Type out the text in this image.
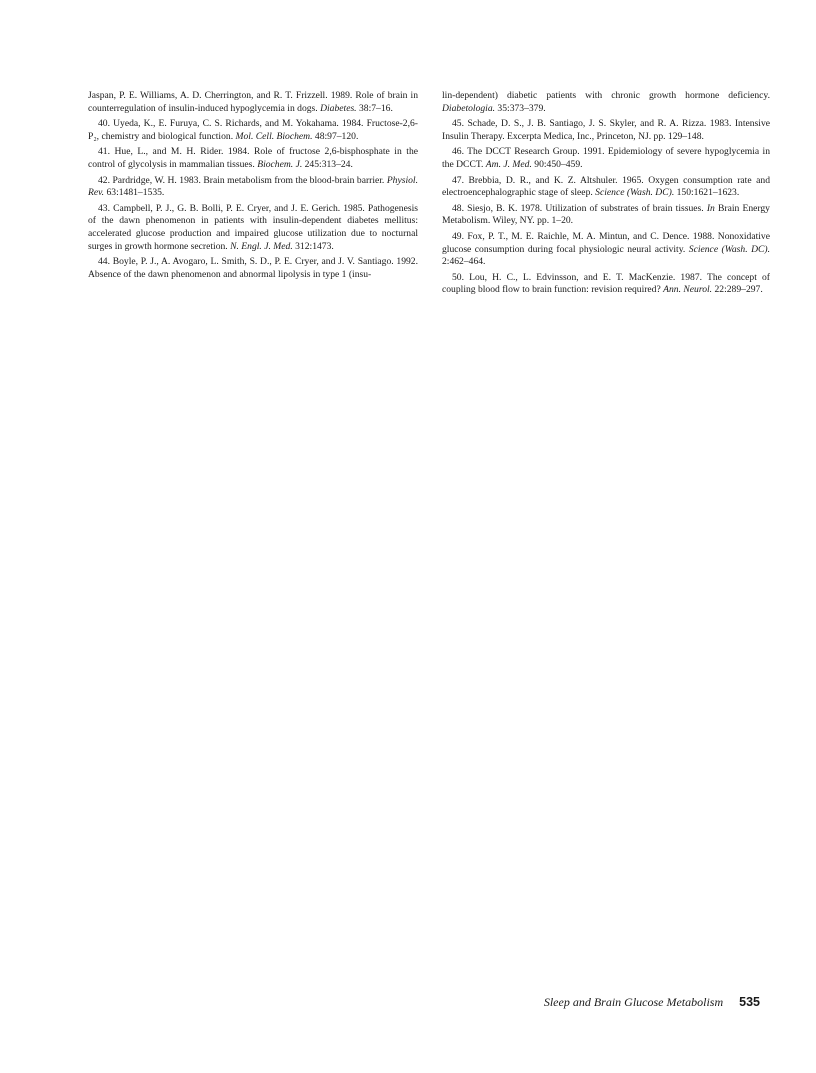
Jaspan, P. E. Williams, A. D. Cherrington, and R. T. Frizzell. 1989. Role of brain in counterregulation of insulin-induced hypoglycemia in dogs. Diabetes. 38:7–16.

40. Uyeda, K., E. Furuya, C. S. Richards, and M. Yokahama. 1984. Fructose-2,6-P₂, chemistry and biological function. Mol. Cell. Biochem. 48:97–120.

41. Hue, L., and M. H. Rider. 1984. Role of fructose 2,6-bisphosphate in the control of glycolysis in mammalian tissues. Biochem. J. 245:313–24.

42. Pardridge, W. H. 1983. Brain metabolism from the blood-brain barrier. Physiol. Rev. 63:1481–1535.

43. Campbell, P. J., G. B. Bolli, P. E. Cryer, and J. E. Gerich. 1985. Pathogenesis of the dawn phenomenon in patients with insulin-dependent diabetes mellitus: accelerated glucose production and impaired glucose utilization due to nocturnal surges in growth hormone secretion. N. Engl. J. Med. 312:1473.

44. Boyle, P. J., A. Avogaro, L. Smith, S. D., P. E. Cryer, and J. V. Santiago. 1992. Absence of the dawn phenomenon and abnormal lipolysis in type 1 (insu-

lin-dependent) diabetic patients with chronic growth hormone deficiency. Diabetologia. 35:373–379.

45. Schade, D. S., J. B. Santiago, J. S. Skyler, and R. A. Rizza. 1983. Intensive Insulin Therapy. Excerpta Medica, Inc., Princeton, NJ. pp. 129–148.

46. The DCCT Research Group. 1991. Epidemiology of severe hypoglycemia in the DCCT. Am. J. Med. 90:450–459.

47. Brebbia, D. R., and K. Z. Altshuler. 1965. Oxygen consumption rate and electroencephalographic stage of sleep. Science (Wash. DC). 150:1621–1623.

48. Siesjo, B. K. 1978. Utilization of substrates of brain tissues. In Brain Energy Metabolism. Wiley, NY. pp. 1–20.

49. Fox, P. T., M. E. Raichle, M. A. Mintun, and C. Dence. 1988. Nonoxidative glucose consumption during focal physiologic neural activity. Science (Wash. DC). 2:462–464.

50. Lou, H. C., L. Edvinsson, and E. T. MacKenzie. 1987. The concept of coupling blood flow to brain function: revision required? Ann. Neurol. 22:289–297.

Sleep and Brain Glucose Metabolism 535
